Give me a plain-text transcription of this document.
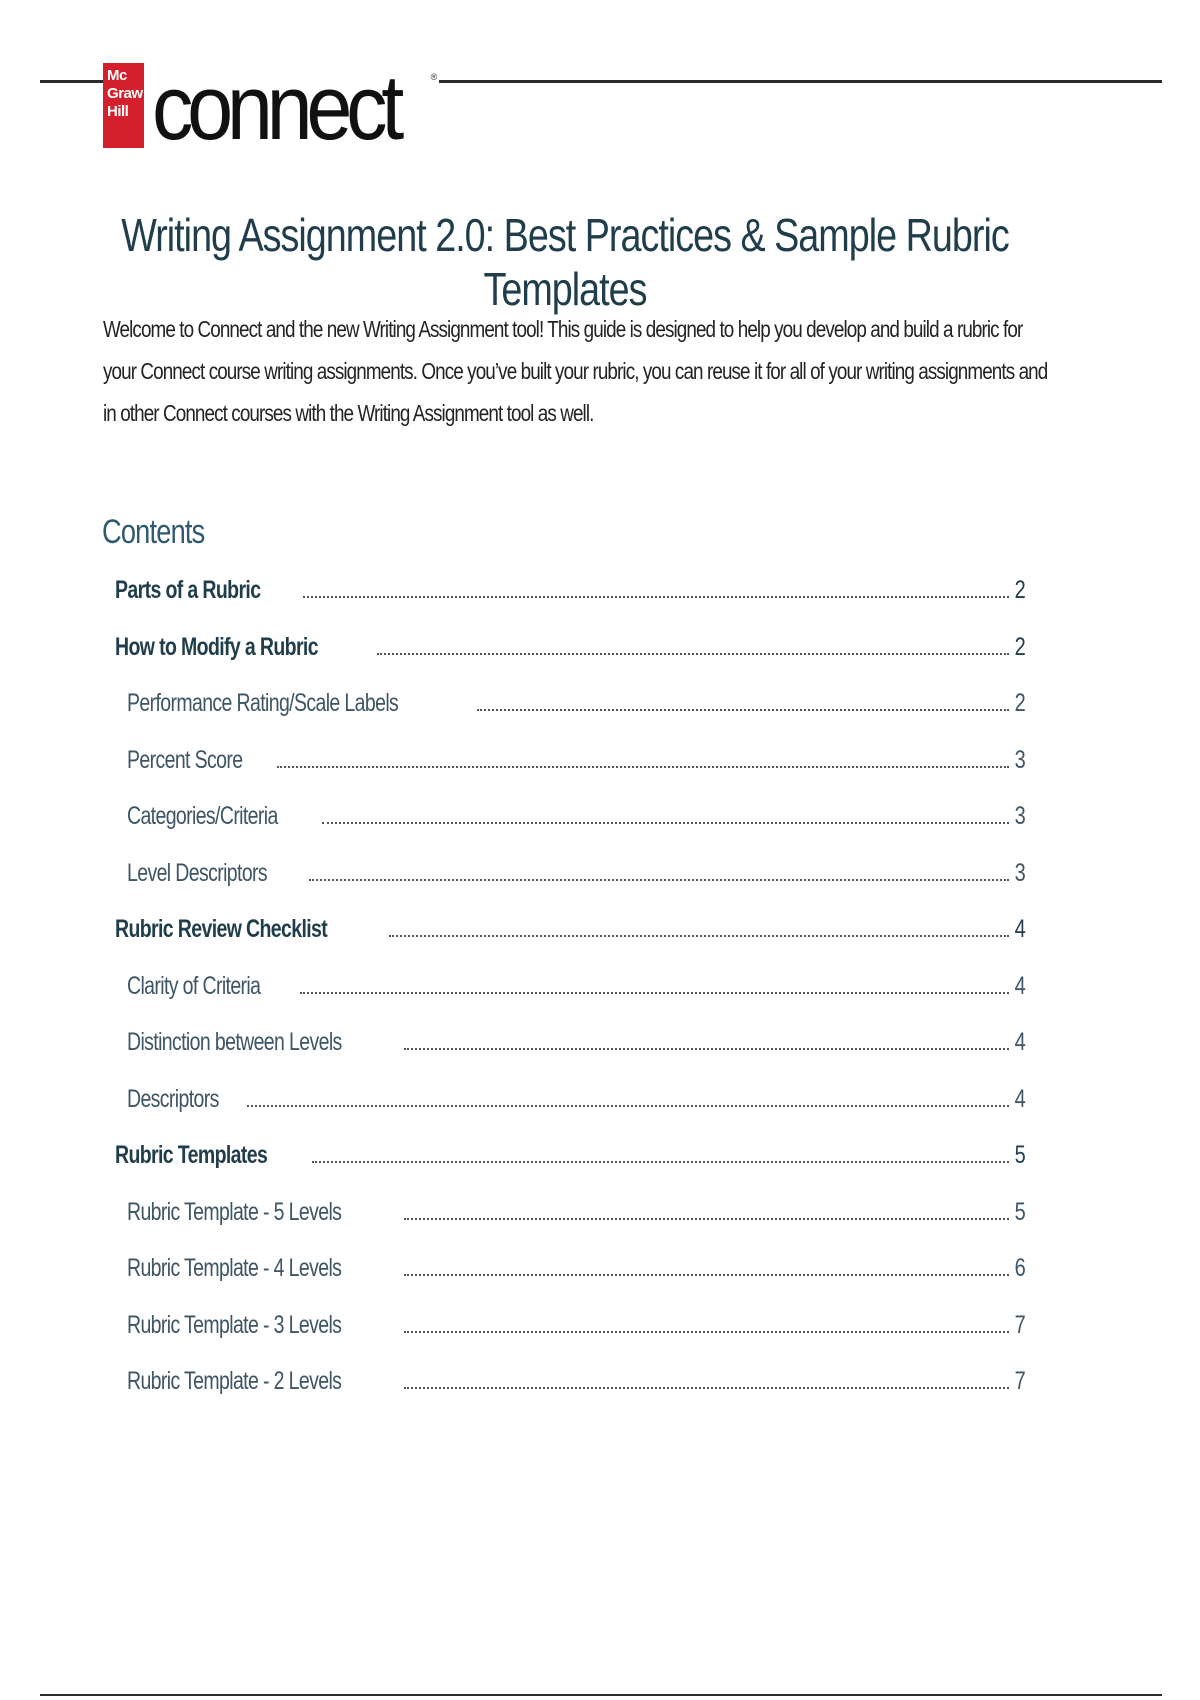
Mc
Graw
Hill connect	®
Writing Assignment 2.0: Best Practices & Sample Rubric Templates
Welcome to Connect and the new Writing Assignment tool! This guide is designed to help you develop and build a rubric for
your Connect course writing assignments. Once you’ve built your rubric, you can reuse it for all of your writing assignments and
in other Connect courses with the Writing Assignment tool as well.
Contents
Parts of a Rubric	2
How to Modify a Rubric	2
Performance Rating/Scale Labels	2
Percent Score	3
Categories/Criteria	3
Level Descriptors	3
Rubric Review Checklist	4
Clarity of Criteria	4
Distinction between Levels	4
Descriptors	4
Rubric Templates	5
Rubric Template - 5 Levels	5
Rubric Template - 4 Levels	6
Rubric Template - 3 Levels	7
Rubric Template - 2 Levels	7
